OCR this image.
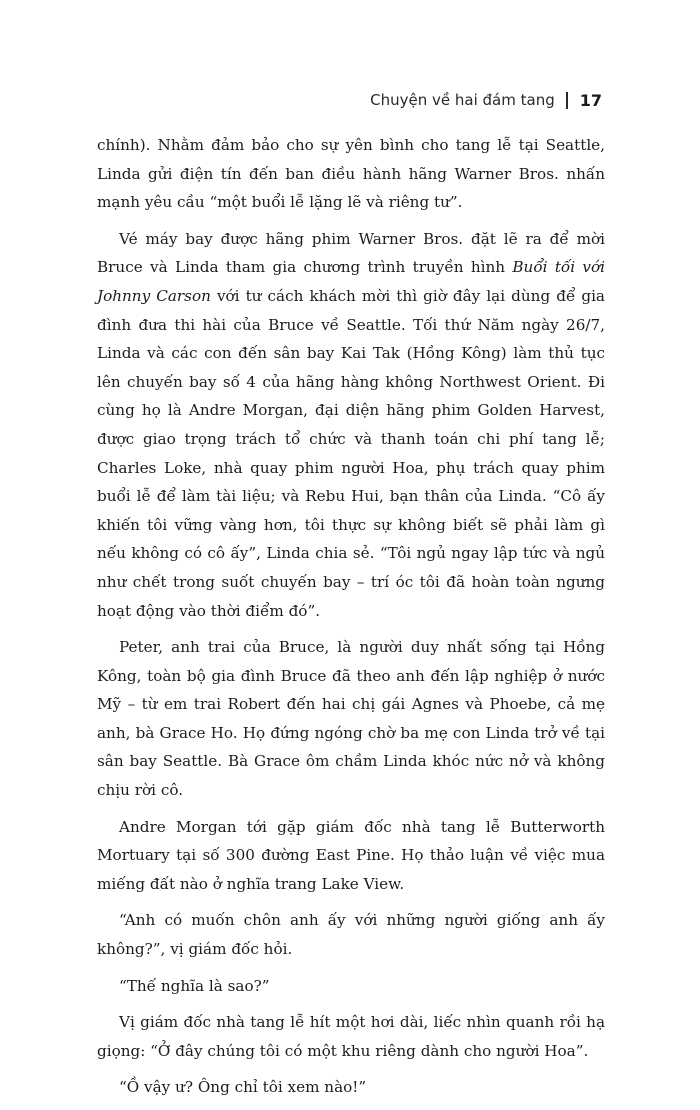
Chuyện về hai đám tang 17

chính). Nhằm đảm bảo cho sự yên bình cho tang lễ tại Seattle, Linda gửi điện tín đến ban điều hành hãng Warner Bros. nhấn mạnh yêu cầu “một buổi lễ lặng lẽ và riêng tư”.

Vé máy bay được hãng phim Warner Bros. đặt lẽ ra để mời Bruce và Linda tham gia chương trình truyền hình Buổi tối với Johnny Carson với tư cách khách mời thì giờ đây lại dùng để gia đình đưa thi hài của Bruce về Seattle. Tối thứ Năm ngày 26/7, Linda và các con đến sân bay Kai Tak (Hồng Kông) làm thủ tục lên chuyến bay số 4 của hãng hàng không Northwest Orient. Đi cùng họ là Andre Morgan, đại diện hãng phim Golden Harvest, được giao trọng trách tổ chức và thanh toán chi phí tang lễ; Charles Loke, nhà quay phim người Hoa, phụ trách quay phim buổi lễ để làm tài liệu; và Rebu Hui, bạn thân của Linda. “Cô ấy khiến tôi vững vàng hơn, tôi thực sự không biết sẽ phải làm gì nếu không có cô ấy”, Linda chia sẻ. “Tôi ngủ ngay lập tức và ngủ như chết trong suốt chuyến bay – trí óc tôi đã hoàn toàn ngưng hoạt động vào thời điểm đó”.

Peter, anh trai của Bruce, là người duy nhất sống tại Hồng Kông, toàn bộ gia đình Bruce đã theo anh đến lập nghiệp ở nước Mỹ – từ em trai Robert đến hai chị gái Agnes và Phoebe, cả mẹ anh, bà Grace Ho. Họ đứng ngóng chờ ba mẹ con Linda trở về tại sân bay Seattle. Bà Grace ôm chầm Linda khóc nức nở và không chịu rời cô.

Andre Morgan tới gặp giám đốc nhà tang lễ Butterworth Mortuary tại số 300 đường East Pine. Họ thảo luận về việc mua miếng đất nào ở nghĩa trang Lake View.

“Anh có muốn chôn anh ấy với những người giống anh ấy không?”, vị giám đốc hỏi.

“Thế nghĩa là sao?”

Vị giám đốc nhà tang lễ hít một hơi dài, liếc nhìn quanh rồi hạ giọng: “Ở đây chúng tôi có một khu riêng dành cho người Hoa”.

“Ồ vậy ư? Ông chỉ tôi xem nào!”
